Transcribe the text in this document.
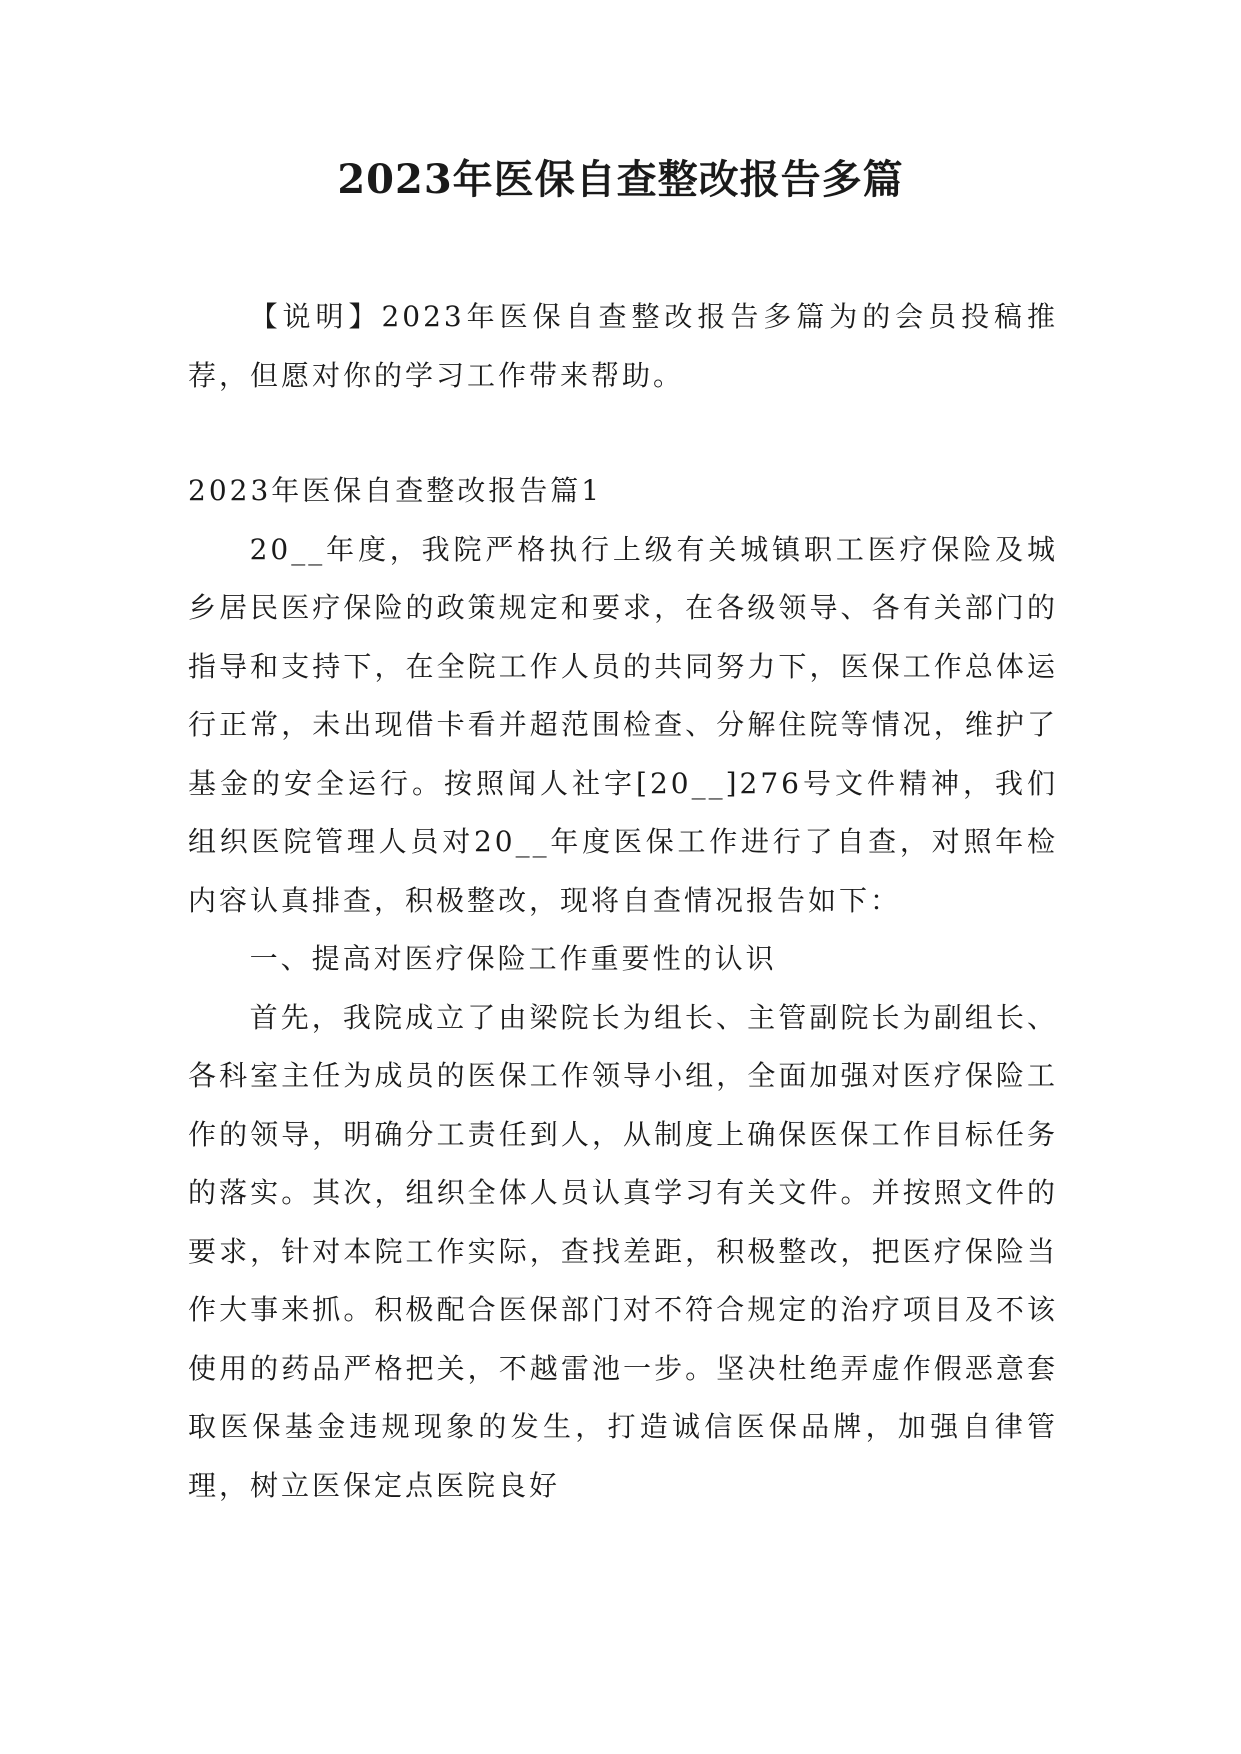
2023年医保自查整改报告多篇

【说明】2023年医保自查整改报告多篇为的会员投稿推荐，但愿对你的学习工作带来帮助。

2023年医保自查整改报告篇1

20__年度，我院严格执行上级有关城镇职工医疗保险及城乡居民医疗保险的政策规定和要求，在各级领导、各有关部门的指导和支持下，在全院工作人员的共同努力下，医保工作总体运行正常，未出现借卡看并超范围检查、分解住院等情况，维护了基金的安全运行。按照闻人社字[20__]276号文件精神，我们组织医院管理人员对20__年度医保工作进行了自查，对照年检内容认真排查，积极整改，现将自查情况报告如下：

一、提高对医疗保险工作重要性的认识

首先，我院成立了由梁院长为组长、主管副院长为副组长、各科室主任为成员的医保工作领导小组，全面加强对医疗保险工作的领导，明确分工责任到人，从制度上确保医保工作目标任务的落实。其次，组织全体人员认真学习有关文件。并按照文件的要求，针对本院工作实际，查找差距，积极整改，把医疗保险当作大事来抓。积极配合医保部门对不符合规定的治疗项目及不该使用的药品严格把关，不越雷池一步。坚决杜绝弄虚作假恶意套取医保基金违规现象的发生，打造诚信医保品牌，加强自律管理，树立医保定点医院良好
